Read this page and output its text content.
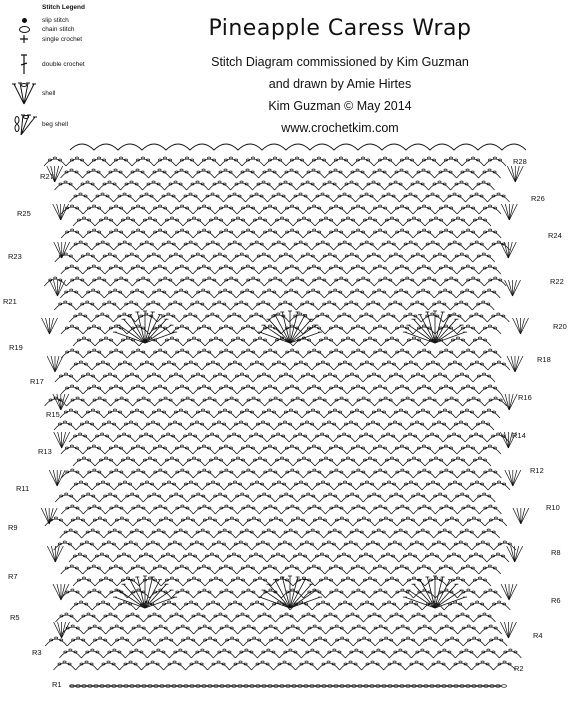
Stitch Legend
slip stitch
chain stitch
single crochet
double crochet
shell
beg shell
Pineapple Caress Wrap
Stitch Diagram commissioned by Kim Guzman
and drawn by Amie Hirtes
Kim Guzman © May 2014
www.crochetkim.com
R27
R25
R23
R21
R19
R17
R15
R13
R11
R9
R7
R5
R3
R1
R28
R26
R24
R22
R20
R18
R16
R14
R12
R10
R8
R6
R4
R2
